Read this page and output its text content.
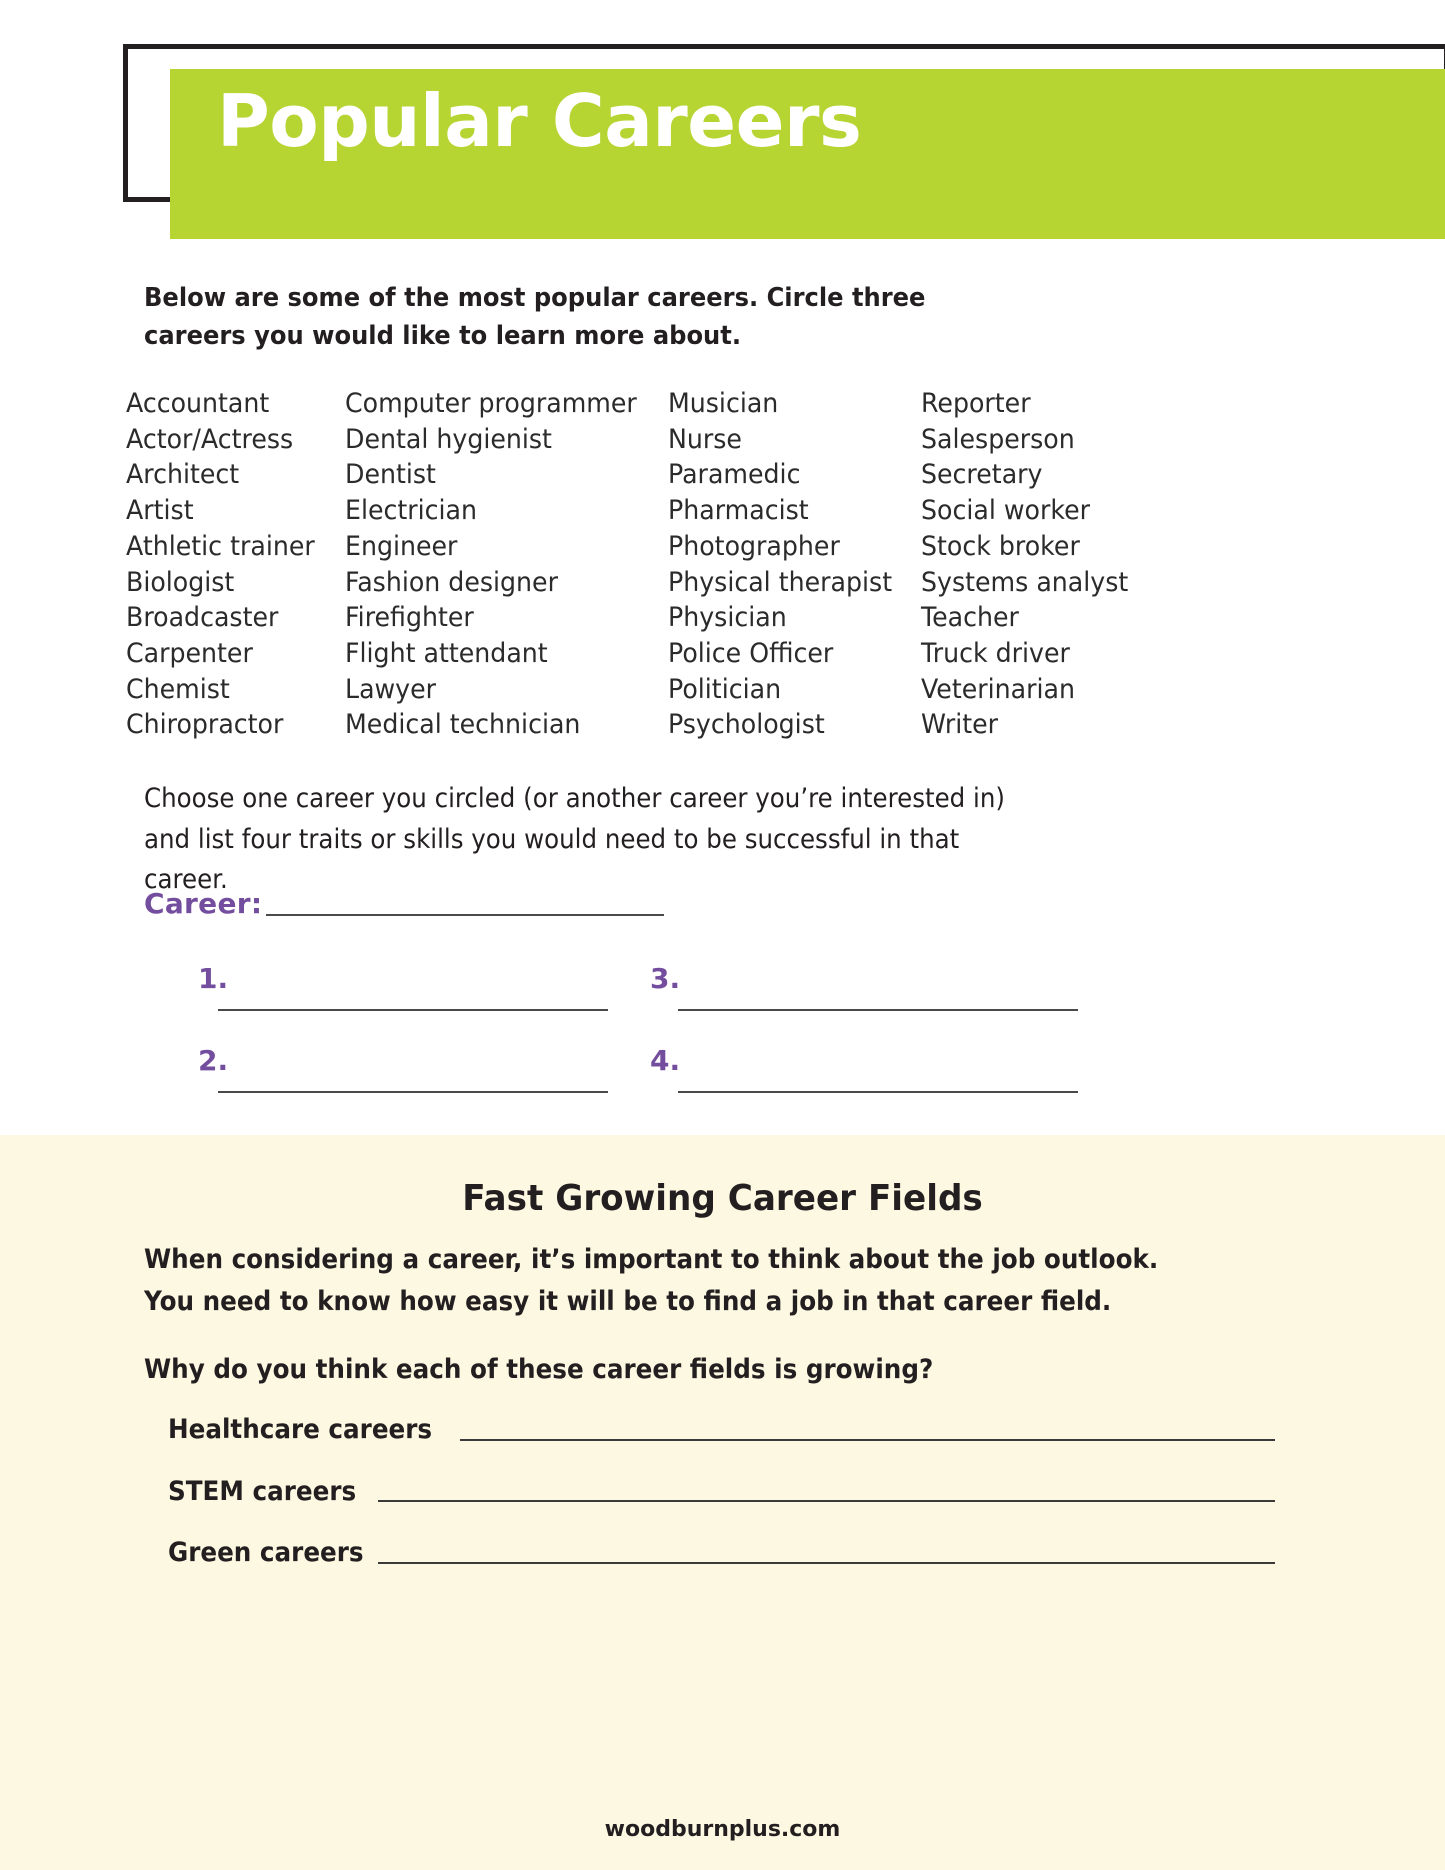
Popular Careers
Below are some of the most popular careers. Circle three careers you would like to learn more about.
Accountant
Actor/Actress
Architect
Artist
Athletic trainer
Biologist
Broadcaster
Carpenter
Chemist
Chiropractor
Computer programmer
Dental hygienist
Dentist
Electrician
Engineer
Fashion designer
Firefighter
Flight attendant
Lawyer
Medical technician
Musician
Nurse
Paramedic
Pharmacist
Photographer
Physical therapist
Physician
Police Officer
Politician
Psychologist
Reporter
Salesperson
Secretary
Social worker
Stock broker
Systems analyst
Teacher
Truck driver
Veterinarian
Writer
Choose one career you circled (or another career you’re interested in) and list four traits or skills you would need to be successful in that career.
Career:
1.
2.
3.
4.
Fast Growing Career Fields
When considering a career, it’s important to think about the job outlook. You need to know how easy it will be to find a job in that career field.
Why do you think each of these career fields is growing?
Healthcare careers
STEM careers
Green careers
woodburnplus.com
